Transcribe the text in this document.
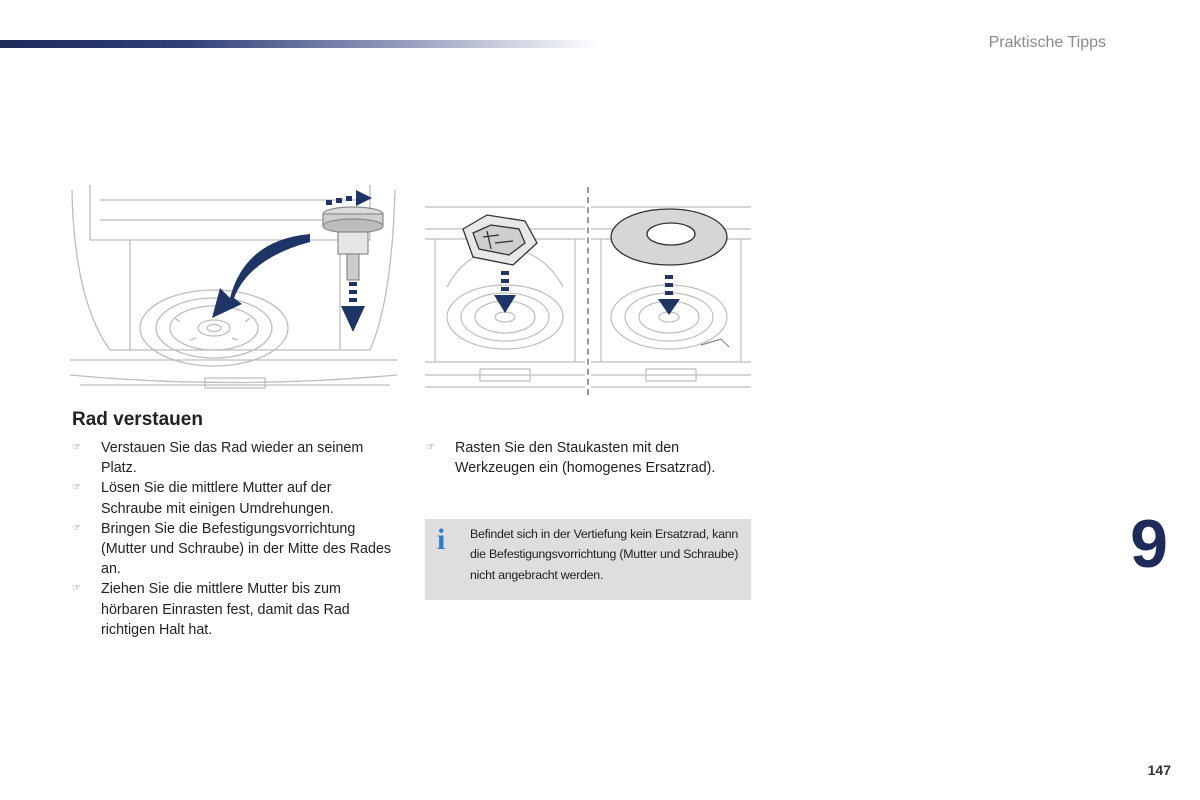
Praktische Tipps
Rad verstauen
☞	Verstauen Sie das Rad wieder an seinem Platz.
☞	Lösen Sie die mittlere Mutter auf der Schraube mit einigen Umdrehungen.
☞	Bringen Sie die Befestigungsvorrichtung (Mutter und Schraube) in der Mitte des Rades an.
☞	Ziehen Sie die mittlere Mutter bis zum hörbaren Einrasten fest, damit das Rad richtigen Halt hat.
☞	Rasten Sie den Staukasten mit den Werkzeugen ein (homogenes Ersatzrad).
i Befindet sich in der Vertiefung kein Ersatzrad, kann die Befestigungsvorrichtung (Mutter und Schraube) nicht angebracht werden.	9
147
